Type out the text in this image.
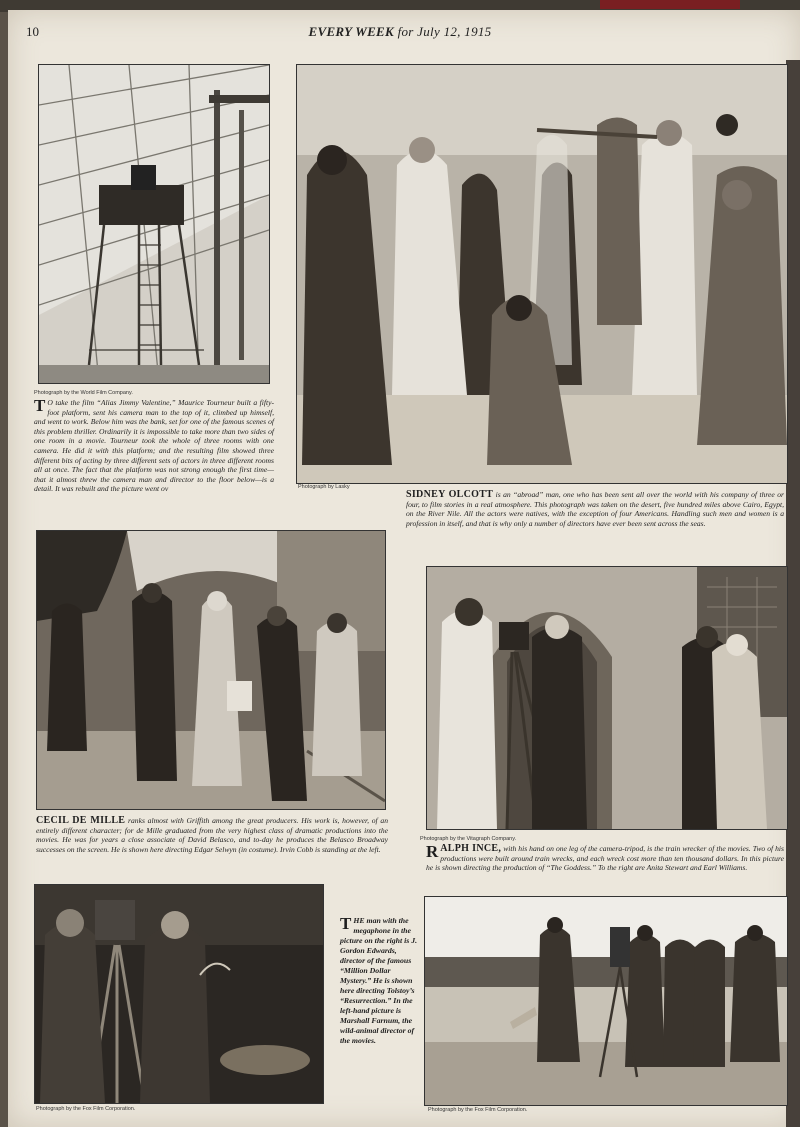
10	EVERY WEEK for July 12, 1915
Photograph by the World Film Company.
T O take the film “Alias Jimmy Valentine,” Maurice Tourneur built a fifty-foot platform, sent his camera man to the top of it, climbed up himself, and went to work. Below him was the bank, set for one of the famous scenes of this problem thriller. Ordinarily it is impossible to take more than two sides of one room in a movie. Tourneur took the whole of three rooms with one camera. He did it with this platform; and the resulting film showed three different bits of acting by three different sets of actors in three different rooms all at once. The fact that the platform was not strong enough the first time—that it almost threw the camera man and director to the floor below—is a detail. It was rebuilt and the picture went ov	Photograph by Lasky
SIDNEY OLCOTT is an “abroad” man, one who has been sent all over the world with his company of three or four, to film stories in a real atmosphere. This photograph was taken on the desert, five hundred miles above Cairo, Egypt, on the River Nile. All the actors were natives, with the exception of four Americans. Handling such men and women is a profession in itself, and that is why only a number of directors have ever been sent across the seas.
CECIL DE MILLE ranks almost with Griffith among the great producers. His work is, however, of an entirely different character; for de Mille graduated from the very highest class of dramatic productions into the movies. He was for years a close associate of David Belasco, and to-day he produces the Belasco Broadway successes on the screen. He is shown here directing Edgar Selwyn (in costume). Irvin Cobb is standing at the left.
Photograph by the Vitagraph Company.
RALPH INCE, with his hand on one leg of the camera-tripod, is the train wrecker of the movies. Two of his productions were built around train wrecks, and each wreck cost more than ten thousand dollars. In this picture he is shown directing the production of “The Goddess.” To the right are Anita Stewart and Earl Williams.
Photograph by the Fox Film Corporation.
THE man with the megaphone in the picture on the right is J. Gordon Edwards, director of the famous “Million Dollar Mystery.” He is shown here directing Tolstoy’s “Resurrection.” In the left-hand picture is Marshall Farnum, the wild-animal director of the movies.
Photograph by the Fox Film Corporation.
